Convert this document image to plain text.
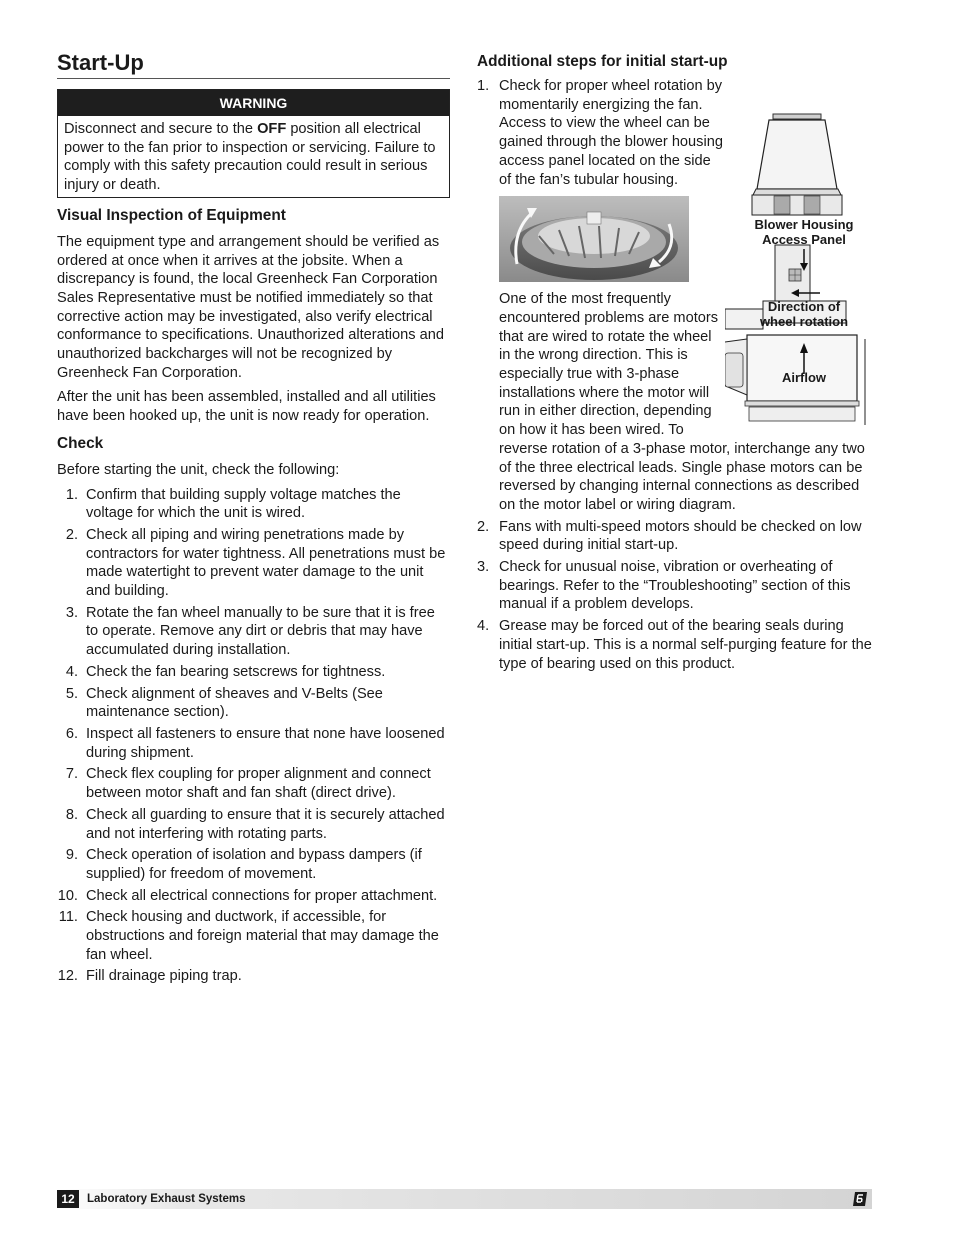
Start-Up
WARNING
Disconnect and secure to the OFF position all electrical power to the fan prior to inspection or servicing. Failure to comply with this safety precaution could result in serious injury or death.
Visual Inspection of Equipment

The equipment type and arrangement should be verified as ordered at once when it arrives at the jobsite. When a discrepancy is found, the local Greenheck Fan Corporation Sales Representative must be notified immediately so that corrective action may be investigated, also verify electrical conformance to specifications. Unauthorized alterations and unauthorized backcharges will not be recognized by Greenheck Fan Corporation.

After the unit has been assembled, installed and all utilities have been hooked up, the unit is now ready for operation.

Check

Before starting the unit, check the following:

1. Confirm that building supply voltage matches the voltage for which the unit is wired.
2. Check all piping and wiring penetrations made by contractors for water tightness. All penetrations must be made watertight to prevent water damage to the unit and building.
3. Rotate the fan wheel manually to be sure that it is free to operate. Remove any dirt or debris that may have accumulated during installation.
4. Check the fan bearing setscrews for tightness.
5. Check alignment of sheaves and V-Belts (See maintenance section).
6. Inspect all fasteners to ensure that none have loosened during shipment.
7. Check flex coupling for proper alignment and connect between motor shaft and fan shaft (direct drive).
8. Check all guarding to ensure that it is securely attached and not interfering with rotating parts.
9. Check operation of isolation and bypass dampers (if supplied) for freedom of movement.
10. Check all electrical connections for proper attachment.
11. Check housing and ductwork, if accessible, for obstructions and foreign material that may damage the fan wheel.
12. Fill drainage piping trap.
Additional steps for initial start-up
1.
Blower Housing
Access Panel
Direction of
wheel rotation
Airflow
Check for proper wheel rotation by momentarily energizing the fan. Access to view the wheel can be gained through the blower housing access panel located on the side of the fan’s tubular housing.
One of the most frequently encountered problems are motors that are wired to rotate the wheel in the wrong direction. This is especially true with 3-phase installations where the motor will run in either direction, depending on how it has been wired. To reverse rotation of a 3-phase motor, interchange any two of the three electrical leads. Single phase motors can be reversed by changing internal connections as described on the motor label or wiring diagram.
2. Fans with multi-speed motors should be checked on low speed during initial start-up.
3. Check for unusual noise, vibration or overheating of bearings. Refer to the “Troubleshooting” section of this manual if a problem develops.
4. Grease may be forced out of the bearing seals during initial start-up. This is a normal self-purging feature for the type of bearing used on this product.
12	Laboratory Exhaust Systems
